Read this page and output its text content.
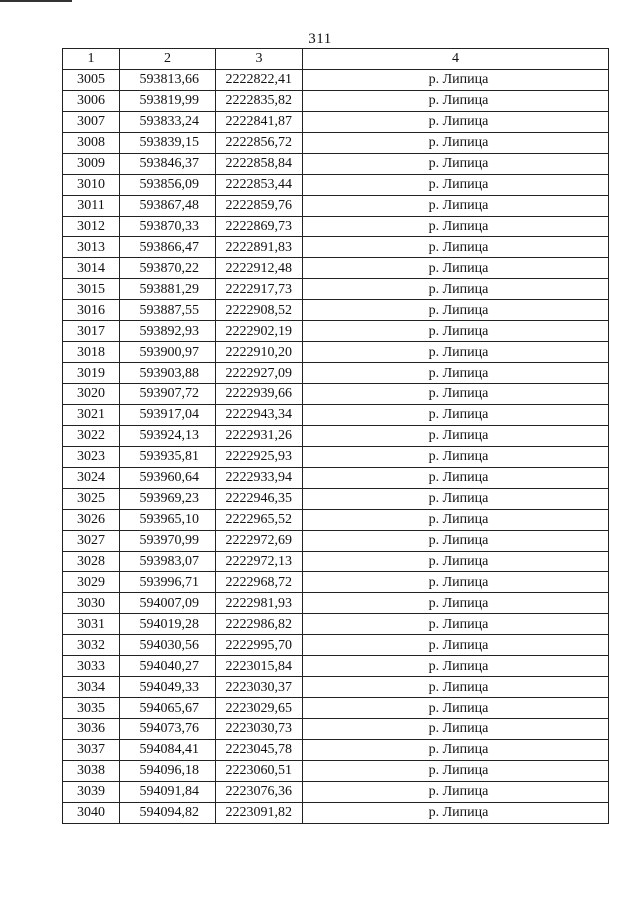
311
1	2	3	4
3005	593813,66	2222822,41	р. Липица
3006	593819,99	2222835,82	р. Липица
3007	593833,24	2222841,87	р. Липица
3008	593839,15	2222856,72	р. Липица
3009	593846,37	2222858,84	р. Липица
3010	593856,09	2222853,44	р. Липица
3011	593867,48	2222859,76	р. Липица
3012	593870,33	2222869,73	р. Липица
3013	593866,47	2222891,83	р. Липица
3014	593870,22	2222912,48	р. Липица
3015	593881,29	2222917,73	р. Липица
3016	593887,55	2222908,52	р. Липица
3017	593892,93	2222902,19	р. Липица
3018	593900,97	2222910,20	р. Липица
3019	593903,88	2222927,09	р. Липица
3020	593907,72	2222939,66	р. Липица
3021	593917,04	2222943,34	р. Липица
3022	593924,13	2222931,26	р. Липица
3023	593935,81	2222925,93	р. Липица
3024	593960,64	2222933,94	р. Липица
3025	593969,23	2222946,35	р. Липица
3026	593965,10	2222965,52	р. Липица
3027	593970,99	2222972,69	р. Липица
3028	593983,07	2222972,13	р. Липица
3029	593996,71	2222968,72	р. Липица
3030	594007,09	2222981,93	р. Липица
3031	594019,28	2222986,82	р. Липица
3032	594030,56	2222995,70	р. Липица
3033	594040,27	2223015,84	р. Липица
3034	594049,33	2223030,37	р. Липица
3035	594065,67	2223029,65	р. Липица
3036	594073,76	2223030,73	р. Липица
3037	594084,41	2223045,78	р. Липица
3038	594096,18	2223060,51	р. Липица
3039	594091,84	2223076,36	р. Липица
3040	594094,82	2223091,82	р. Липица
